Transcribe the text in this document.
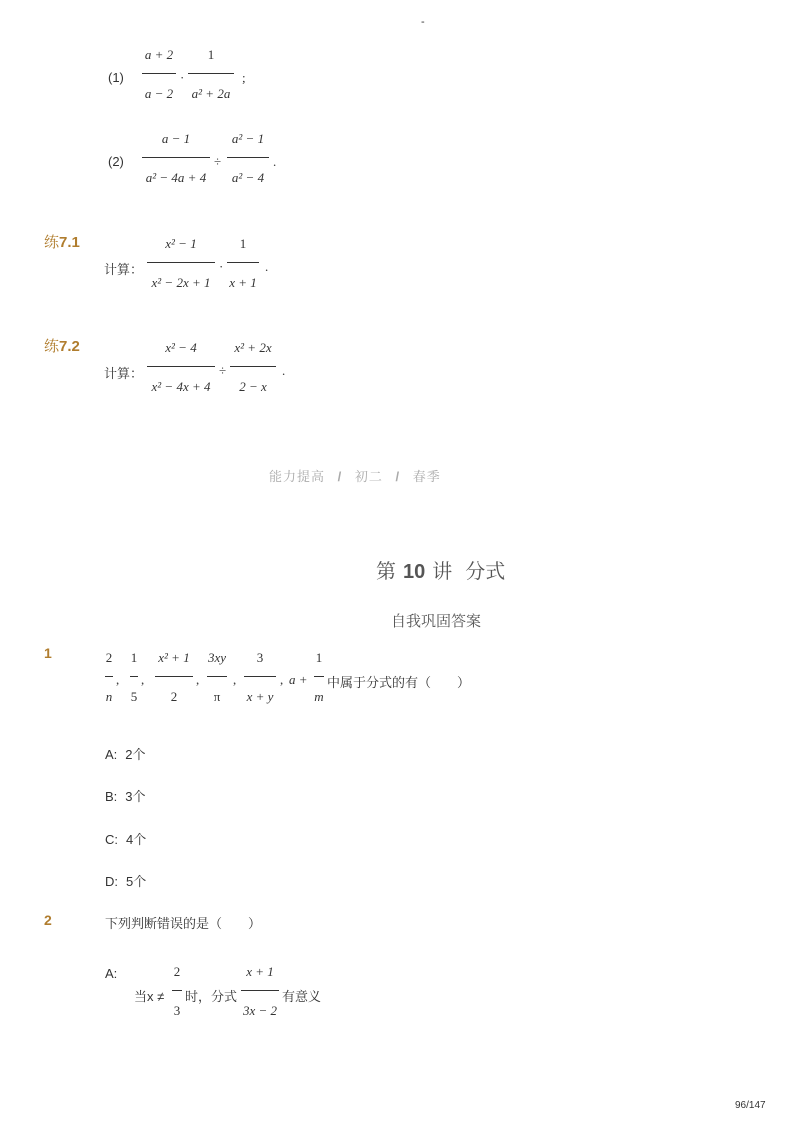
-
(1)
a + 2
a − 2
·
1
a² + 2a
;
(2)
a − 1
a² − 4a + 4
÷
a² − 1
a² − 4
.
练7.1
计算：
x² − 1
x² − 2x + 1
·
1
x + 1
.
练7.2
计算：
x² − 4
x² − 4x + 4
÷
x² + 2x
2 − x
.
能力提高 / 初二 / 春季
第 10 讲 分式
自我巩固答案
1	2
n
,
1
5
,
x² + 1
2
,
3xy
π
,
3
x + y
, a +
1
m
中属于分式的有（　　）
A: 2个
B: 3个
C: 4个
D: 5个
2	下列判断错误的是（　　）
A:
当x ≠
2
3
时，分式
x + 1
3x − 2
有意义
96/147
